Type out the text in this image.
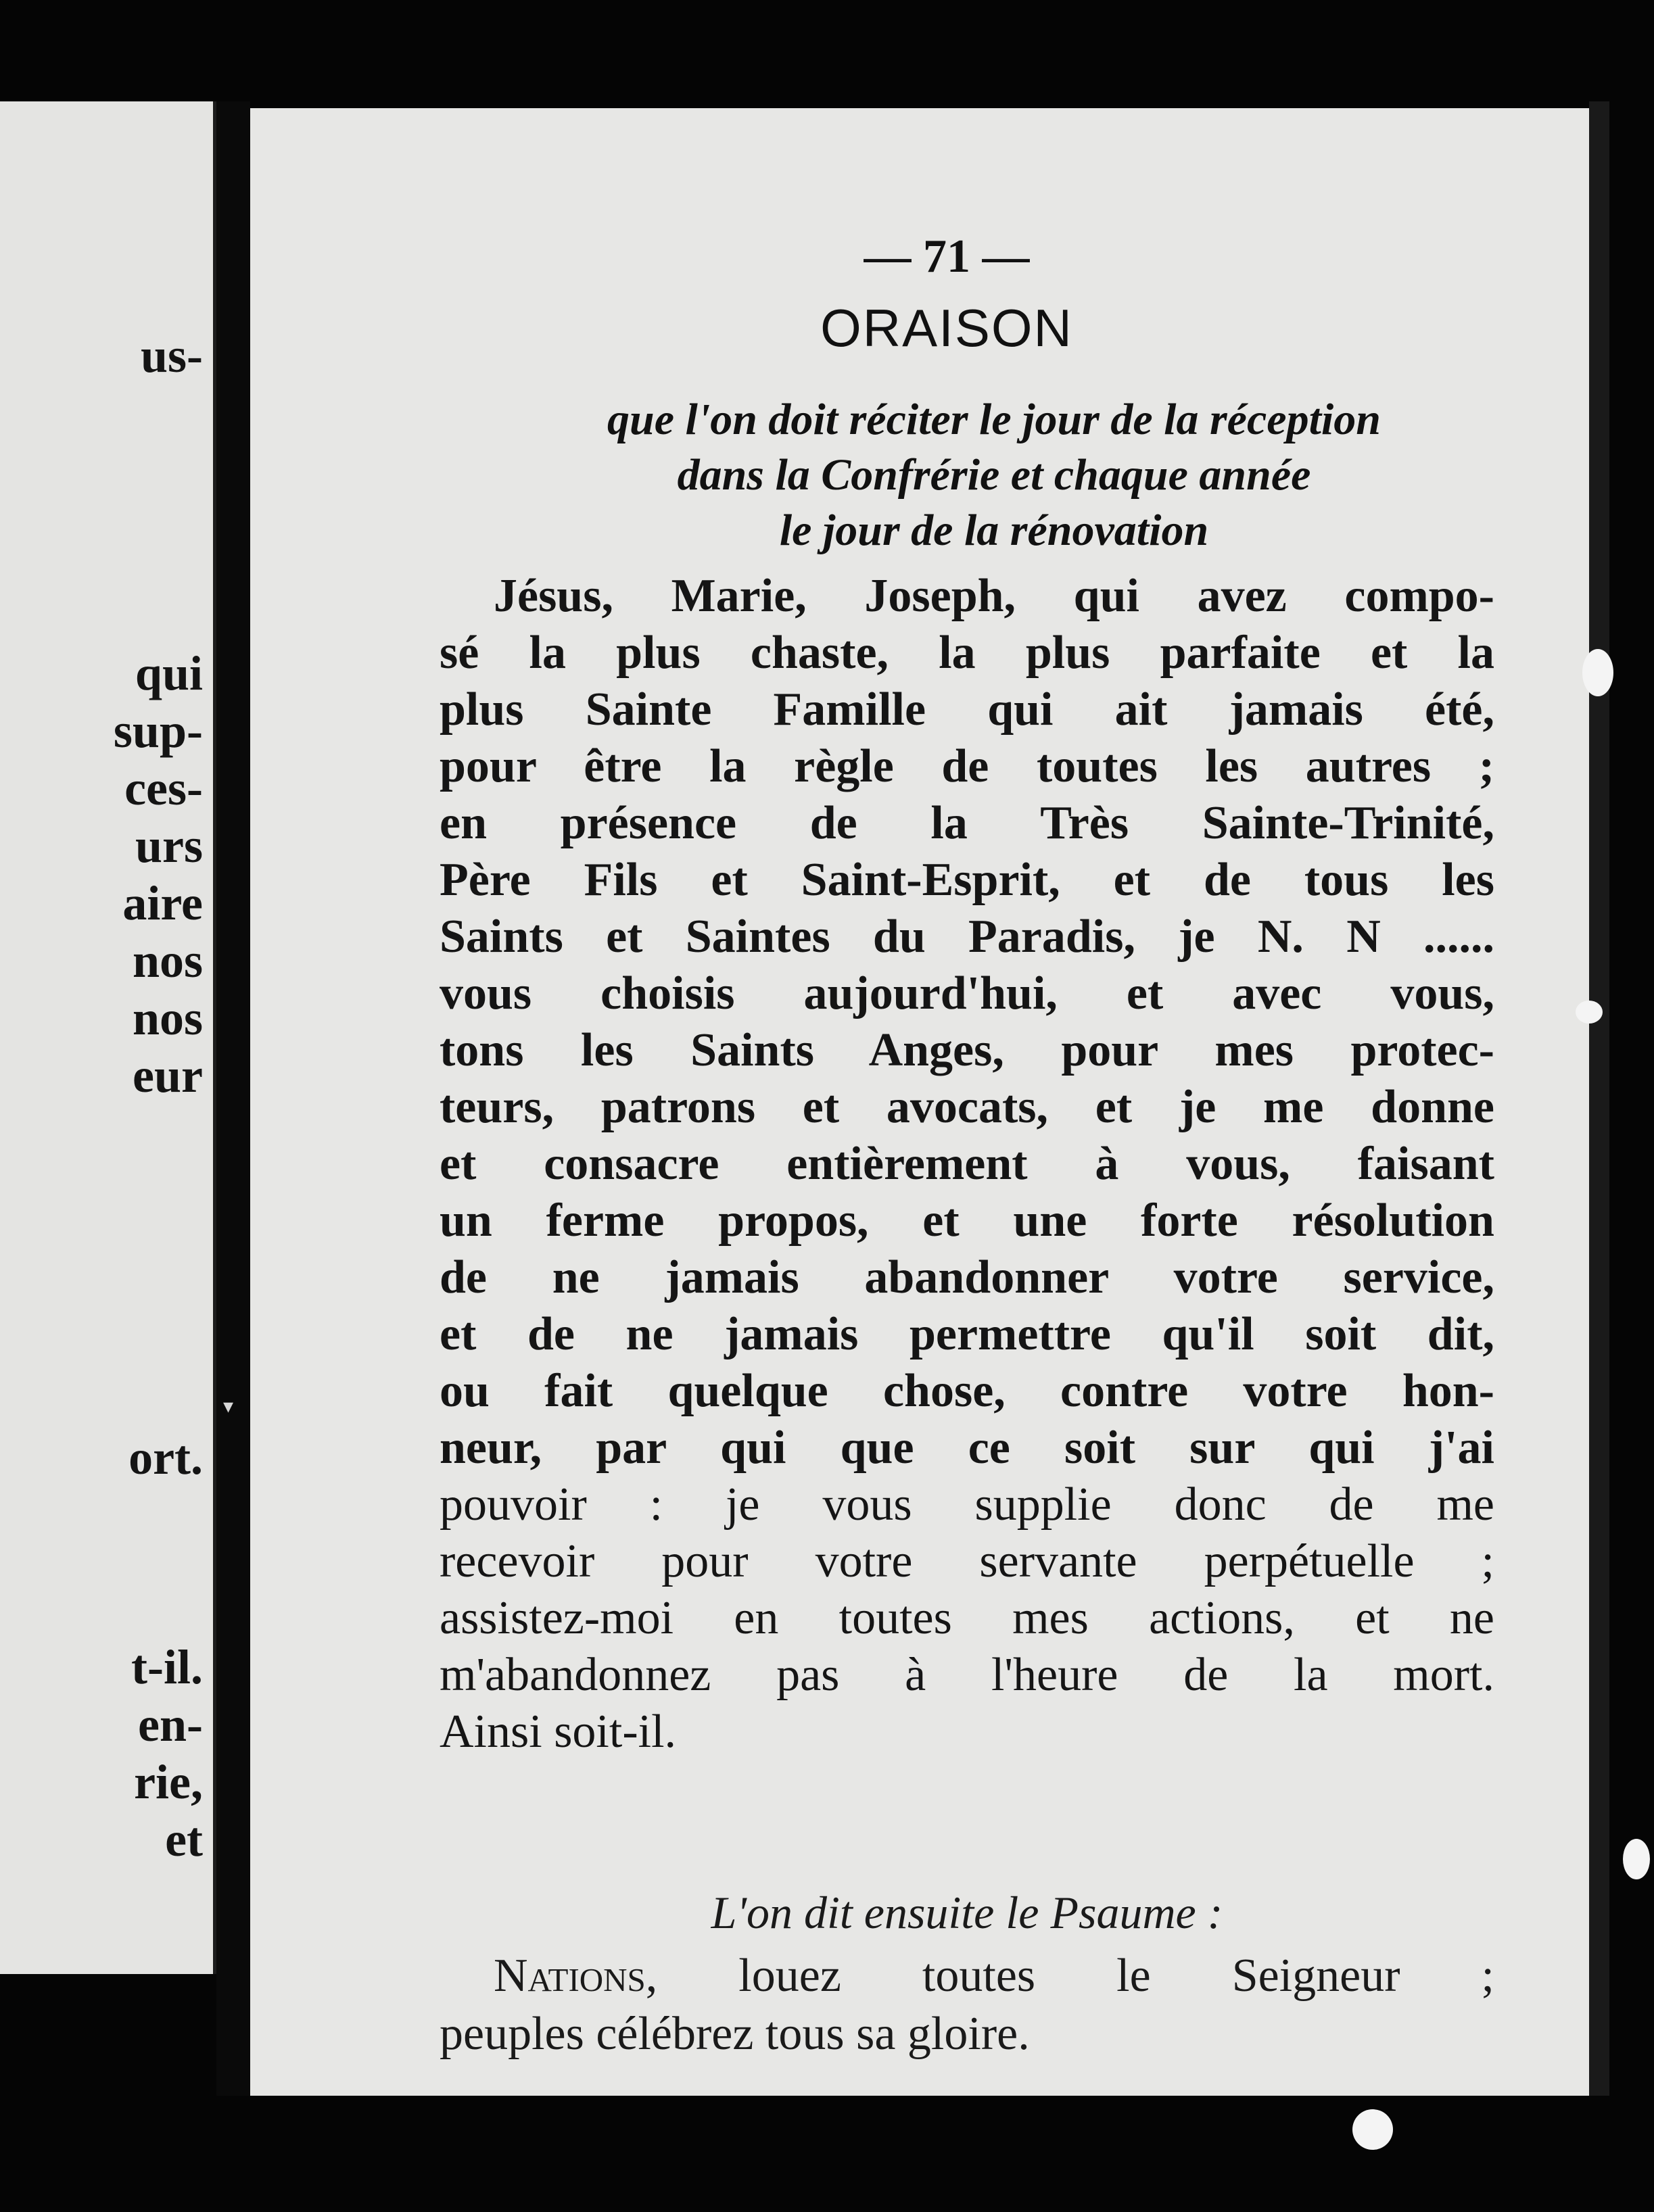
us-
qui
sup-
ces-
urs
aire
nos
nos
eur
ort.
t-il.
en-
rie,
et
▾
— 71 —
ORAISON
que l'on doit réciter le jour de la réception
dans la Confrérie et chaque année
le jour de la rénovation
Jésus, Marie, Joseph, qui avez compo-
sé la plus chaste, la plus parfaite et la
plus Sainte Famille qui ait jamais été,
pour être la règle de toutes les autres ;
en présence de la Très Sainte-Trinité,
Père Fils et Saint-Esprit, et de tous les
Saints et Saintes du Paradis, je N. N ......
vous choisis aujourd'hui, et avec vous,
tons les Saints Anges, pour mes protec-
teurs, patrons et avocats, et je me donne
et consacre entièrement à vous, faisant
un ferme propos, et une forte résolution
de ne jamais abandonner votre service,
et de ne jamais permettre qu'il soit dit,
ou fait quelque chose, contre votre hon-
neur, par qui que ce soit sur qui j'ai
pouvoir : je vous supplie donc de me
recevoir pour votre servante perpétuelle ;
assistez-moi en toutes mes actions, et ne
m'abandonnez pas à l'heure de la mort.
Ainsi soit-il.
L'on dit ensuite le Psaume :
Nations, louez toutes le Seigneur ;
peuples célébrez tous sa gloire.
